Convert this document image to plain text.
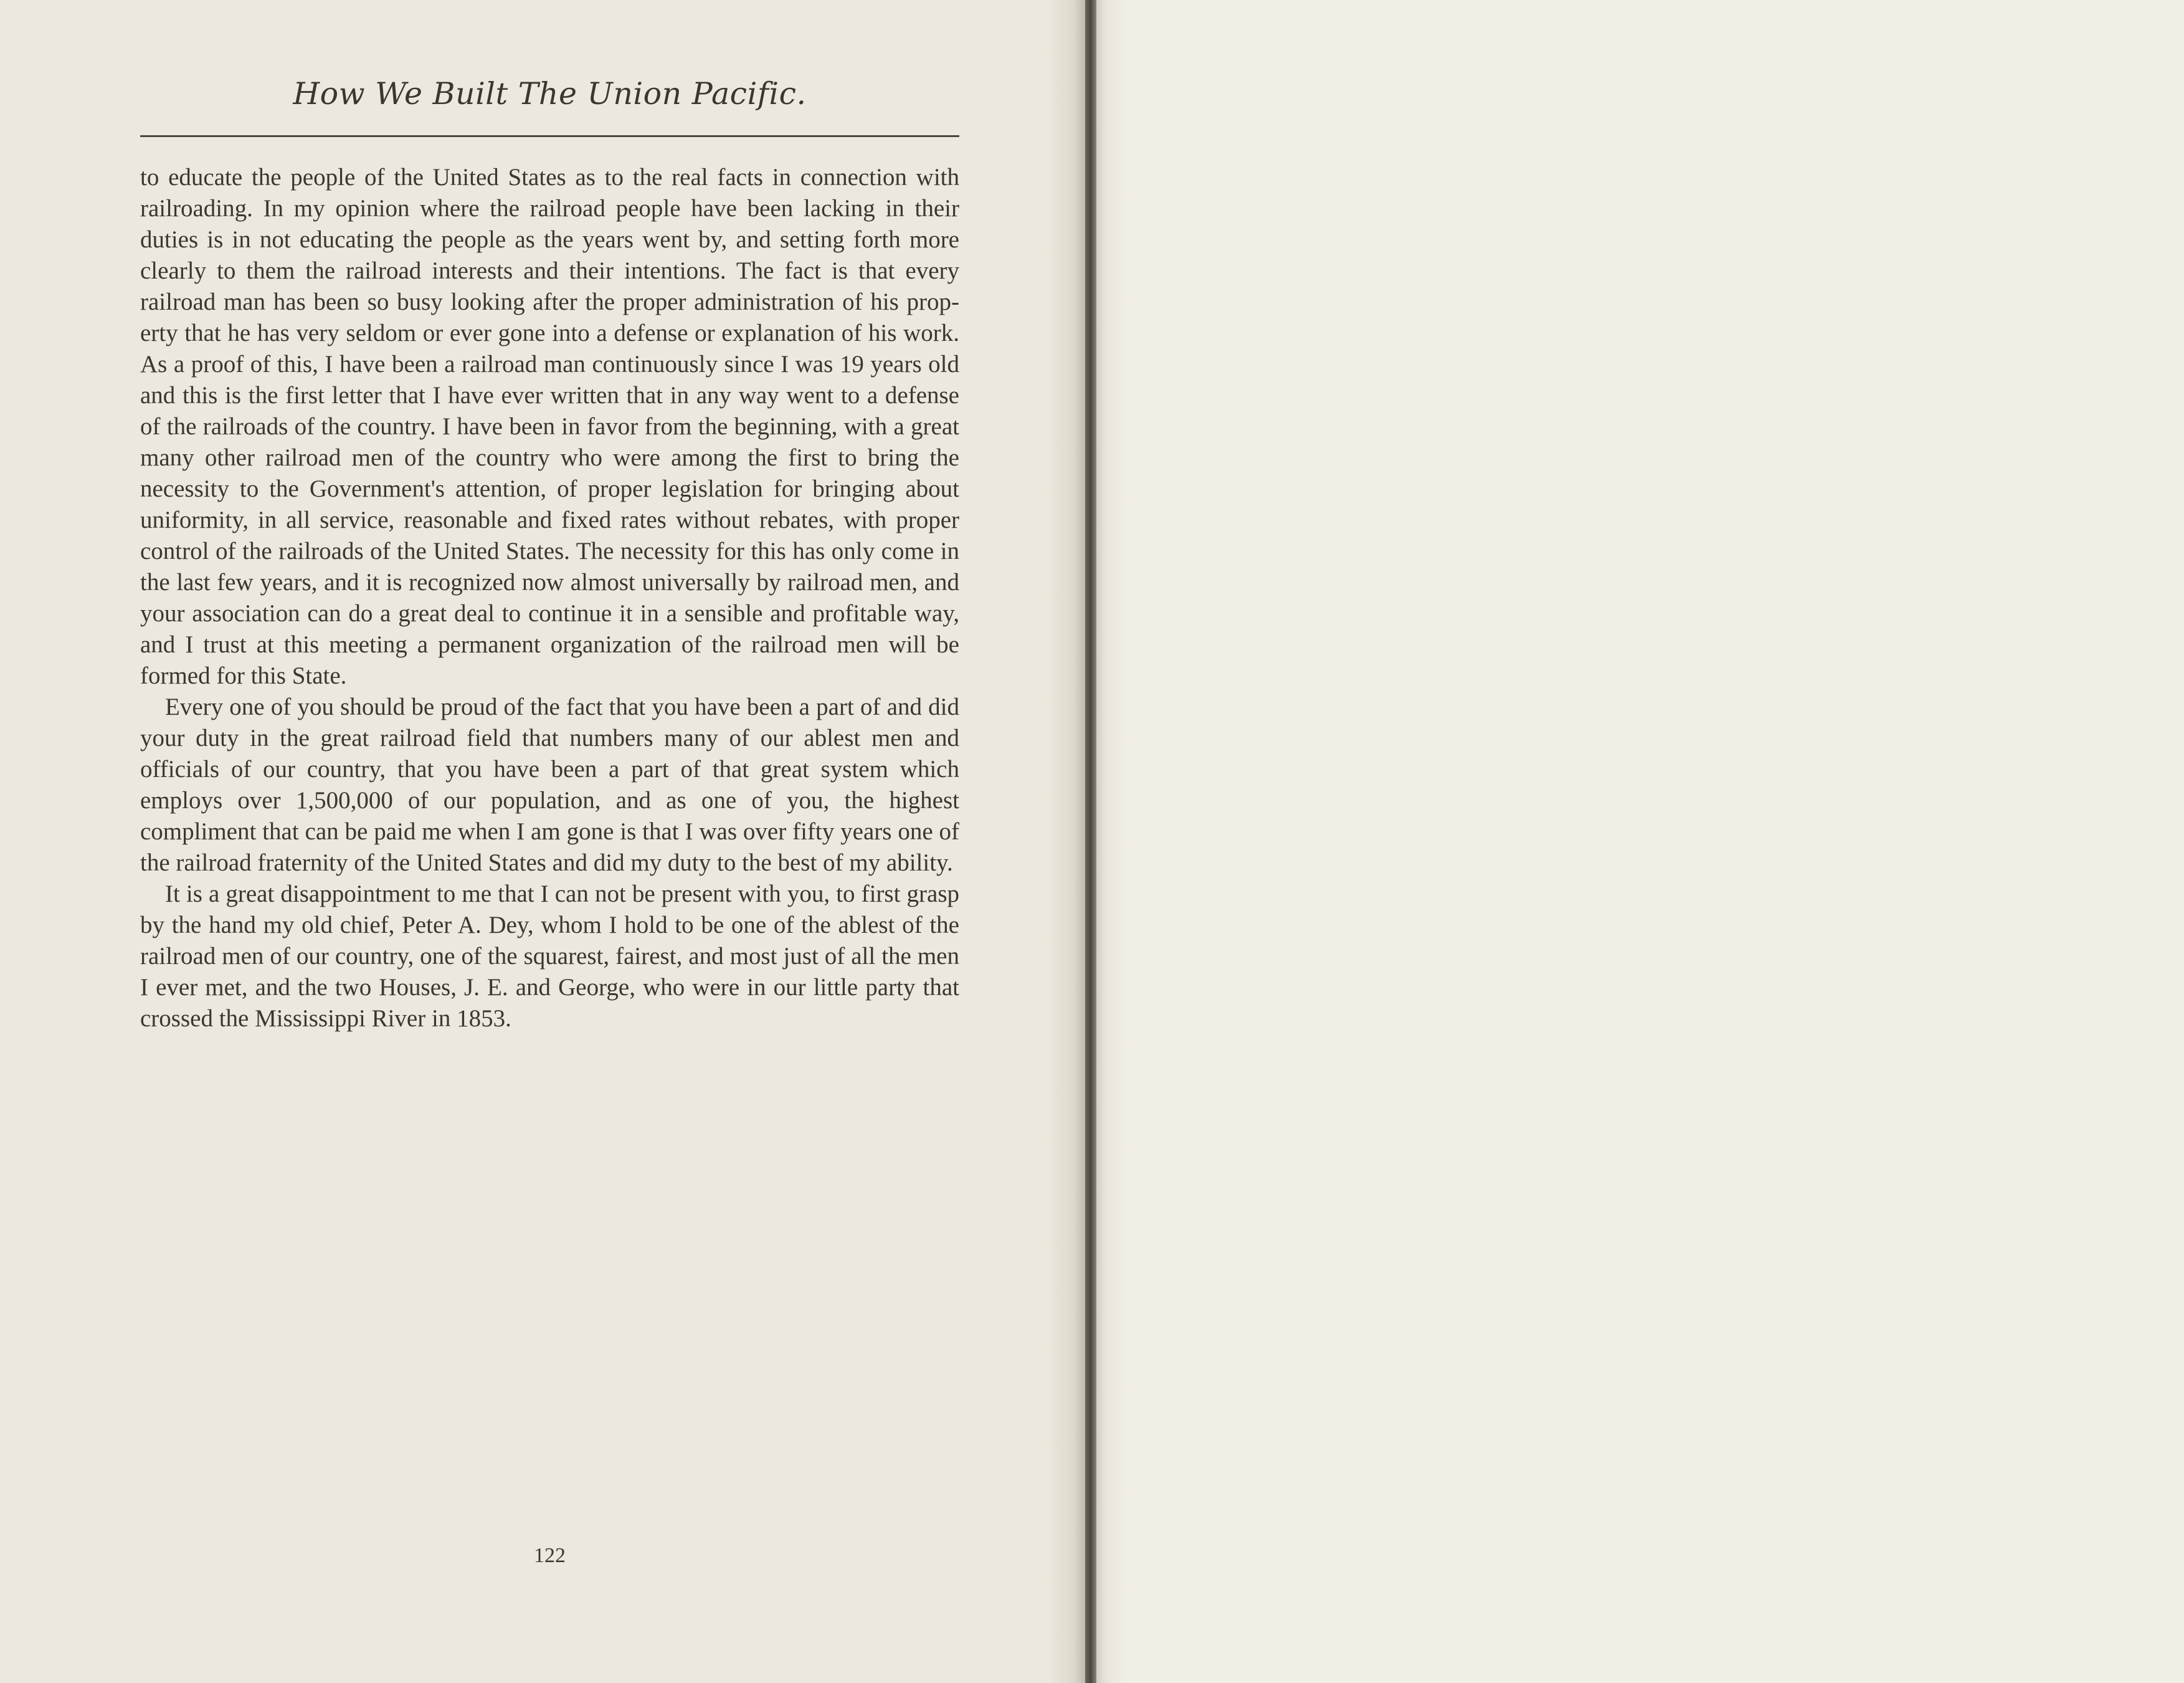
How We Built The Union Pacific.

to educate the people of the United States as to the real facts in connection with railroading. In my opinion where the railroad people have been lacking in their duties is in not educating the people as the years went by, and setting forth more clearly to them the railroad interests and their intentions. The fact is that every railroad man has been so busy looking after the proper administration of his property that he has very seldom or ever gone into a defense or explanation of his work. As a proof of this, I have been a railroad man continuously since I was 19 years old and this is the first letter that I have ever written that in any way went to a defense of the railroads of the country. I have been in favor from the beginning, with a great many other railroad men of the country who were among the first to bring the necessity to the Government's attention, of proper legislation for bringing about uniformity, in all service, reasonable and fixed rates without rebates, with proper control of the railroads of the United States. The necessity for this has only come in the last few years, and it is recognized now almost universally by railroad men, and your association can do a great deal to continue it in a sensible and profitable way, and I trust at this meeting a permanent organization of the railroad men will be formed for this State.

Every one of you should be proud of the fact that you have been a part of and did your duty in the great railroad field that numbers many of our ablest men and officials of our country, that you have been a part of that great system which employs over 1,500,000 of our population, and as one of you, the highest compliment that can be paid me when I am gone is that I was over fifty years one of the railroad fraternity of the United States and did my duty to the best of my ability.

It is a great disappointment to me that I can not be present with you, to first grasp by the hand my old chief, Peter A. Dey, whom I hold to be one of the ablest of the railroad men of our country, one of the squarest, fairest, and most just of all the men I ever met, and the two Houses, J. E. and George, who were in our little party that crossed the Mississippi River in 1853.

122
